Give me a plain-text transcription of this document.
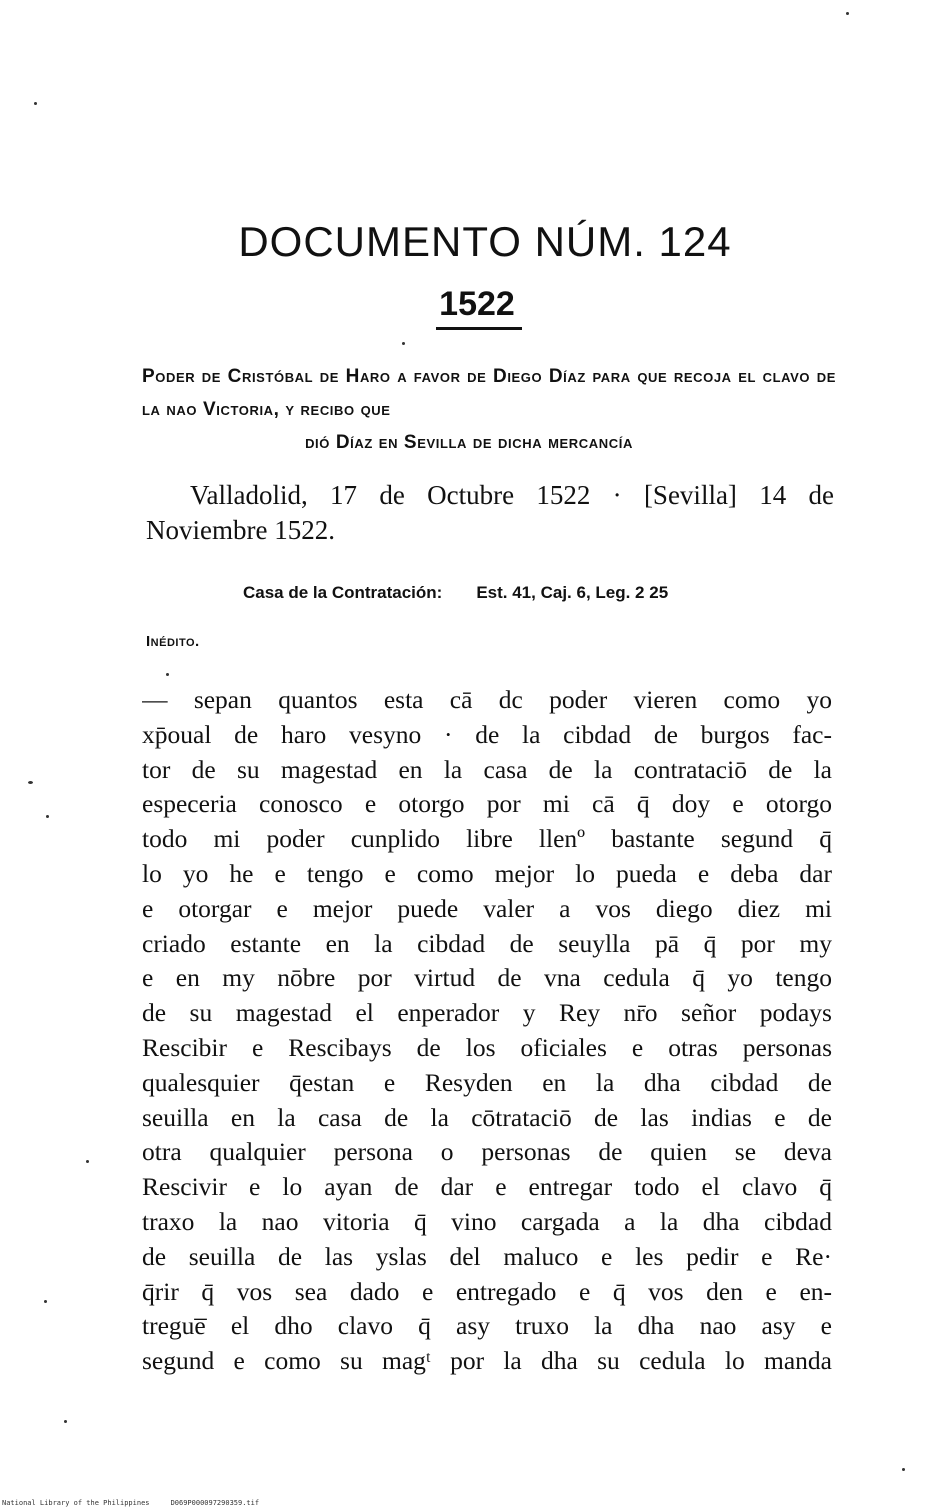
DOCUMENTO NÚM. 124
1522
Poder de Cristóbal de Haro a favor de Diego Díaz para que recoja el clavo de la nao Victoria, y recibo que
dió Díaz en Sevilla de dicha mercancía
Valladolid, 17 de Octubre 1522 · [Sevilla] 14 de Noviembre 1522.
Casa de la Contratación: Est. 41, Caj. 6, Leg. 2 25
Inédito.
— sepan quantos esta cā dc poder vieren como yo
xp̄oual de haro vesyno · de la cibdad de burgos fac-
tor de su magestad en la casa de la contrataciō de la
especeria conosco e otorgo por mi cā q̄ doy e otorgo
todo mi poder cunplido libre llenº bastante segund q̄
lo yo he e tengo e como mejor lo pueda e deba dar
e otorgar e mejor puede valer a vos diego diez mi
criado estante en la cibdad de seuylla pā q̄ por my
e en my nōbre por virtud de vna cedula q̄ yo tengo
de su magestad el enperador y Rey nr̄o señor podays
Rescibir e Rescibays de los oficiales e otras personas
qualesquier q̄estan e Resyden en la dha cibdad de
seuilla en la casa de la cōtrataciō de las indias e de
otra qualquier persona o personas de quien se deva
Rescivir e lo ayan de dar e entregar todo el clavo q̄
traxo la nao vitoria q̄ vino cargada a la dha cibdad
de seuilla de las yslas del maluco e les pedir e Re·
q̄rir q̄ vos sea dado e entregado e q̄ vos den e en-
tregue̅ el dho clavo q̄ asy truxo la dha nao asy e
segund e como su magᵗ por la dha su cedula lo manda
National Library of the Philippines     D069P000097290359.tif
